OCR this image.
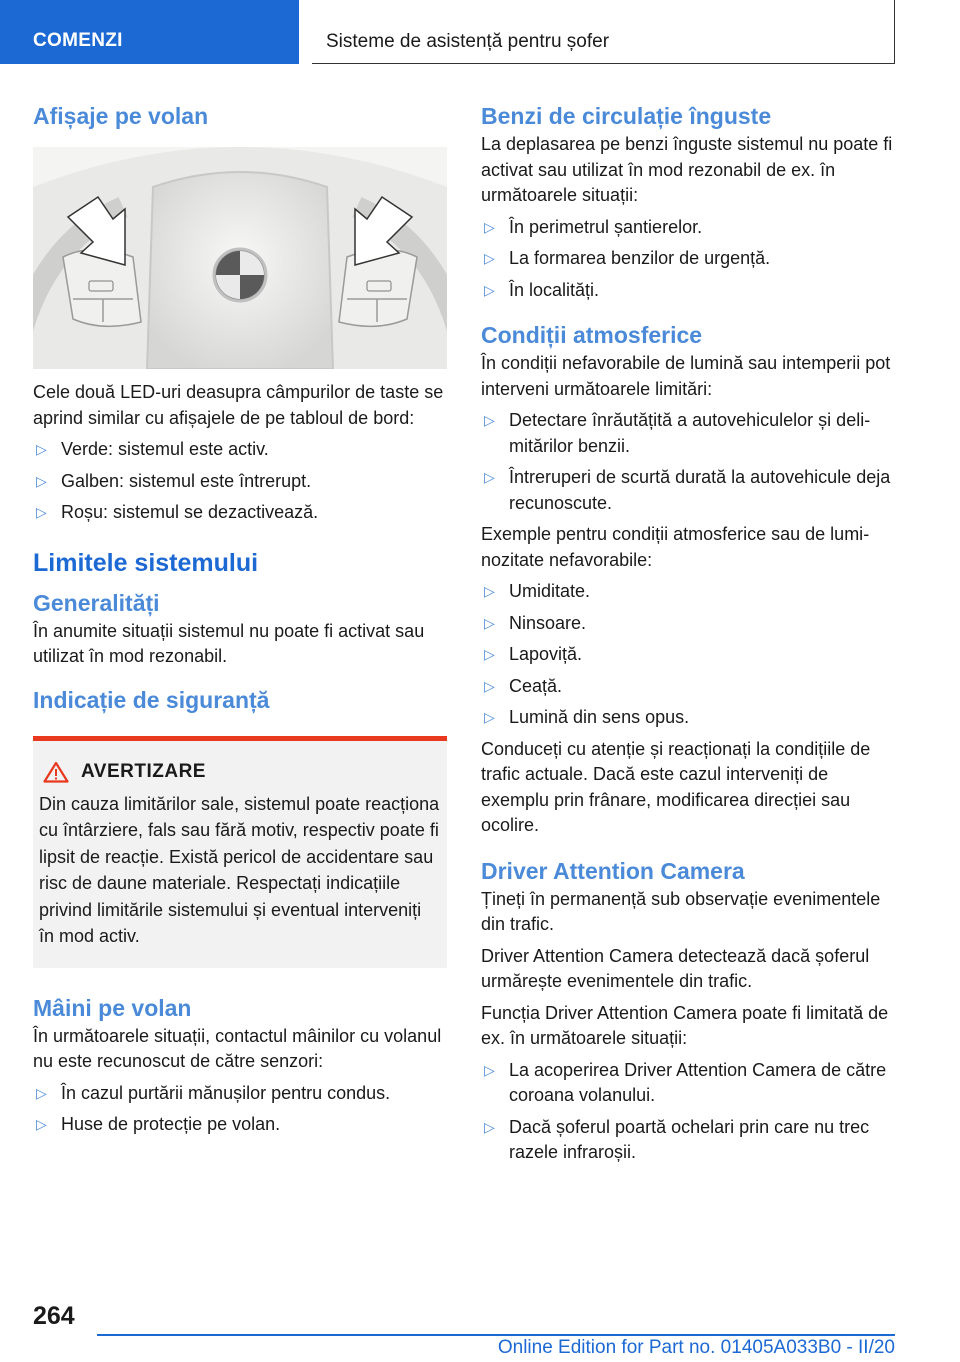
COMENZI	Sisteme de asistență pentru șofer
Afișaje pe volan

Cele două LED-uri deasupra câmpurilor de taste se aprind similar cu afișajele de pe tabloul de bord:

▷ Verde: sistemul este activ.
▷ Galben: sistemul este întrerupt.
▷ Roșu: sistemul se dezactivează.
Limitele sistemului
Generalități

În anumite situații sistemul nu poate fi activat sau utilizat în mod rezonabil.

Indicație de siguranță
AVERTIZARE

Din cauza limitărilor sale, sistemul poate reacționa cu întârziere, fals sau fără motiv, respectiv poate fi lipsit de reacție. Există pericol de accidentare sau risc de daune materiale. Respectați indicațiile privind limitările sistemului și eventual interveniți în mod activ.

Mâini pe volan

În următoarele situații, contactul mâinilor cu volanul nu este recunoscut de către senzori:

▷ În cazul purtării mănușilor pentru condus.
▷ Huse de protecție pe volan.
Benzi de circulație înguste

La deplasarea pe benzi înguste sistemul nu poate fi activat sau utilizat în mod rezonabil de ex. în următoarele situații:

▷ În perimetrul șantierelor.
▷ La formarea benzilor de urgență.
▷ În localități.
Condiții atmosferice

În condiții nefavorabile de lumină sau intemperii pot interveni următoarele limitări:

▷ Detectare înrăutățită a autovehiculelor și delimitărilor benzii.
▷ Întreruperi de scurtă durată la autovehicule deja recunoscute.

Exemple pentru condiții atmosferice sau de luminozitate nefavorabile:

▷ Umiditate.
▷ Ninsoare.
▷ Lapoviță.
▷ Ceață.
▷ Lumină din sens opus.

Conduceți cu atenție și reacționați la condițiile de trafic actuale. Dacă este cazul interveniți de exemplu prin frânare, modificarea direcției sau ocolire.

Driver Attention Camera

Țineți în permanență sub observație evenimentele din trafic.

Driver Attention Camera detectează dacă șoferul urmărește evenimentele din trafic.

Funcția Driver Attention Camera poate fi limitată de ex. în următoarele situații:

▷ La acoperirea Driver Attention Camera de către coroana volanului.
▷ Dacă șoferul poartă ochelari prin care nu trec razele infraroșii.
264
Online Edition for Part no. 01405A033B0 - II/20
